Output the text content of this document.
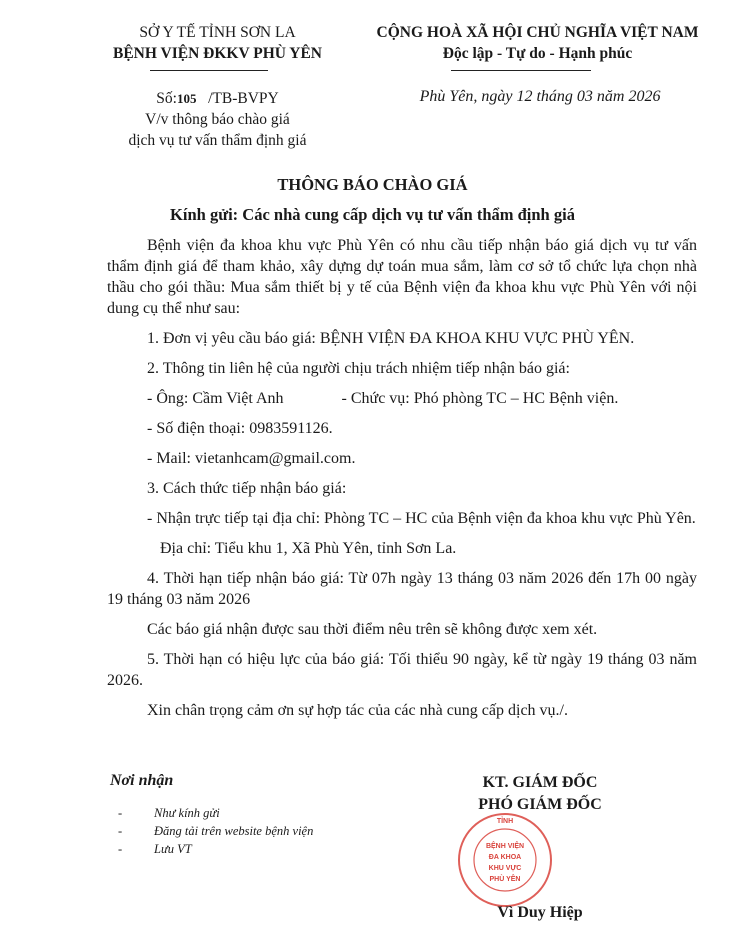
SỞ Y TẾ TỈNH SƠN LA
BỆNH VIỆN ĐKKV PHÙ YÊN
CỘNG HOÀ XÃ HỘI CHỦ NGHĨA VIỆT NAM
Độc lập - Tự do - Hạnh phúc
Số:105 /TB-BVPY
V/v thông báo chào giá
dịch vụ tư vấn thẩm định giá
Phù Yên, ngày 12 tháng 03 năm 2026
THÔNG BÁO CHÀO GIÁ
Kính gửi: Các nhà cung cấp dịch vụ tư vấn thẩm định giá

Bệnh viện đa khoa khu vực Phù Yên có nhu cầu tiếp nhận báo giá dịch vụ tư vấn thẩm định giá để tham khảo, xây dựng dự toán mua sắm, làm cơ sở tổ chức lựa chọn nhà thầu cho gói thầu: Mua sắm thiết bị y tế của Bệnh viện đa khoa khu vực Phù Yên với nội dung cụ thể như sau:

1. Đơn vị yêu cầu báo giá: BỆNH VIỆN ĐA KHOA KHU VỰC PHÙ YÊN.

2. Thông tin liên hệ của người chịu trách nhiệm tiếp nhận báo giá:

- Ông: Cầm Việt Anh	- Chức vụ: Phó phòng TC – HC Bệnh viện.

- Số điện thoại: 0983591126.

- Mail: vietanhcam@gmail.com.

3. Cách thức tiếp nhận báo giá:

- Nhận trực tiếp tại địa chỉ: Phòng TC – HC của Bệnh viện đa khoa khu vực Phù Yên.

Địa chỉ: Tiểu khu 1, Xã Phù Yên, tỉnh Sơn La.

4. Thời hạn tiếp nhận báo giá: Từ 07h ngày 13 tháng 03 năm 2026 đến 17h 00 ngày 19 tháng 03 năm 2026

Các báo giá nhận được sau thời điểm nêu trên sẽ không được xem xét.

5. Thời hạn có hiệu lực của báo giá: Tối thiểu 90 ngày, kể từ ngày 19 tháng 03 năm 2026.

Xin chân trọng cảm ơn sự hợp tác của các nhà cung cấp dịch vụ./.

Nơi nhận
-	Như kính gửi
-	Đăng tải trên website bệnh viện
-	Lưu VT
KT. GIÁM ĐỐC
PHÓ GIÁM ĐỐC
TỈNH
BỆNH VIỆN
ĐA KHOA
KHU VỰC
PHÙ YÊN
Vì Duy Hiệp
